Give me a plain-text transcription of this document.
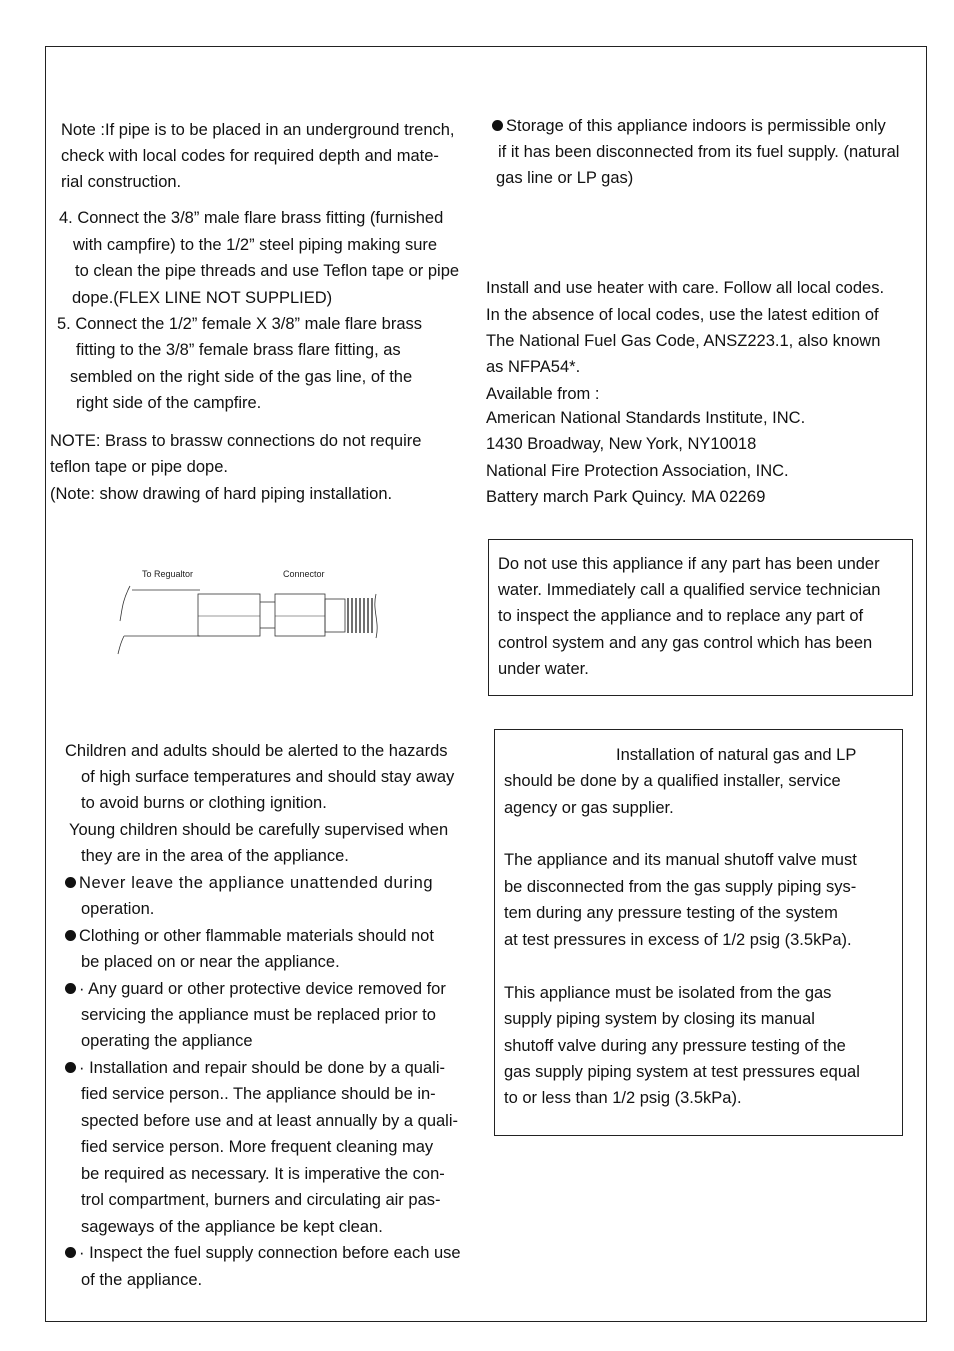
Note :If pipe is to be placed in an underground trench,
check with local codes for required depth and mate-
rial construction.
4. Connect the 3/8” male flare brass fitting (furnished
with campfire) to the 1/2” steel piping making sure
to clean the pipe threads and use Teflon tape or pipe
dope.(FLEX LINE NOT SUPPLIED)
5. Connect the 1/2” female X 3/8” male flare brass
fitting to the 3/8” female brass flare fitting, as
sembled on the right side of the gas line, of the
right side of the campfire.
NOTE: Brass to brassw connections do not require
teflon tape or pipe dope.
(Note: show drawing of hard piping installation.
To Regualtor	Connector
Children and adults should be alerted to the hazards
of high surface temperatures and should stay away
to avoid burns or clothing ignition.
Young children should be carefully supervised when
they are in the area of the appliance.
Never leave the appliance unattended during
operation.
Clothing or other flammable materials should not
be placed on or near the appliance.
· Any guard or other protective device removed for
servicing the appliance must be replaced prior to
operating the appliance
· Installation and repair should be done by a quali-
fied service person.. The appliance should be in-
spected before use and at least annually by a quali-
fied service person. More frequent cleaning may
be required as necessary. It is imperative the con-
trol compartment, burners and circulating air pas-
sageways of the appliance be kept clean.
· Inspect the fuel supply connection before each use
of the appliance.
Storage of this appliance indoors is permissible only
if it has been disconnected from its fuel supply. (natural
gas line or LP gas)
Install and use heater with care. Follow all local codes.
In the absence of local codes, use the latest edition of
The National Fuel Gas Code, ANSZ223.1, also known
as NFPA54*.
Available from :
American National Standards Institute, INC.
1430 Broadway, New York, NY10018
National Fire Protection Association, INC.
Battery march Park Quincy. MA 02269
Do not use this appliance if any part has been under
water. Immediately call a qualified service technician
to inspect the appliance and to replace any part of
control system and any gas control which has been
under water.
Installation of natural gas and LP
should be done by a qualified installer, service
agency or gas supplier.
The appliance and its manual shutoff valve must
be disconnected from the gas supply piping sys-
tem during any pressure testing of the system
at test pressures in excess of 1/2 psig (3.5kPa).
This appliance must be isolated from the gas
supply piping system by closing its manual
shutoff valve during any pressure testing of the
gas supply piping system at test pressures equal
to or less than 1/2 psig (3.5kPa).
